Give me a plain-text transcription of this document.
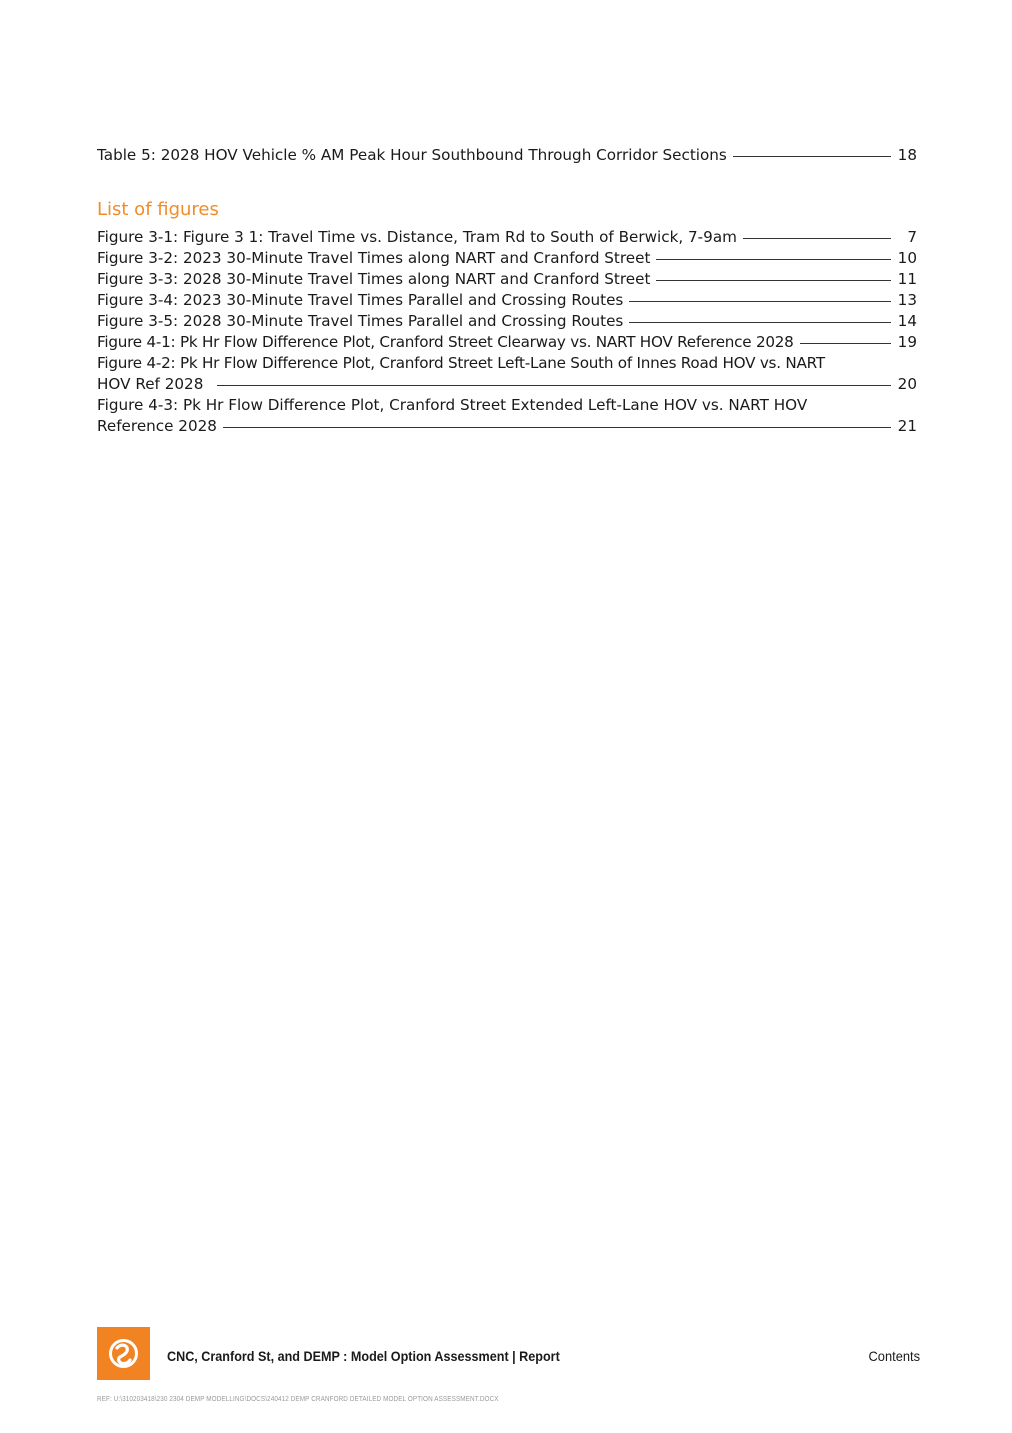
Table 5: 2028 HOV Vehicle % AM Peak Hour Southbound Through Corridor Sections	18
List of figures
Figure 3-1: Figure 3 1: Travel Time vs. Distance, Tram Rd to South of Berwick, 7-9am	7
Figure 3-2: 2023 30-Minute Travel Times along NART and Cranford Street	10
Figure 3-3: 2028 30-Minute Travel Times along NART and Cranford Street	11
Figure 3-4: 2023 30-Minute Travel Times Parallel and Crossing Routes	13
Figure 3-5: 2028 30-Minute Travel Times Parallel and Crossing Routes	14
Figure 4-1: Pk Hr Flow Difference Plot, Cranford Street Clearway vs. NART HOV Reference 2028	19
Figure 4-2: Pk Hr Flow Difference Plot, Cranford Street Left-Lane South of Innes Road HOV vs. NART
HOV Ref 2028	20
Figure 4-3: Pk Hr Flow Difference Plot, Cranford Street Extended Left-Lane HOV vs. NART HOV
Reference 2028	21
CNC, Cranford St, and DEMP : Model Option Assessment | Report	Contents
REF: U:\310203418\230 2304 DEMP MODELLING\DOCS\240412 DEMP CRANFORD DETAILED MODEL OPTION ASSESSMENT.DOCX
